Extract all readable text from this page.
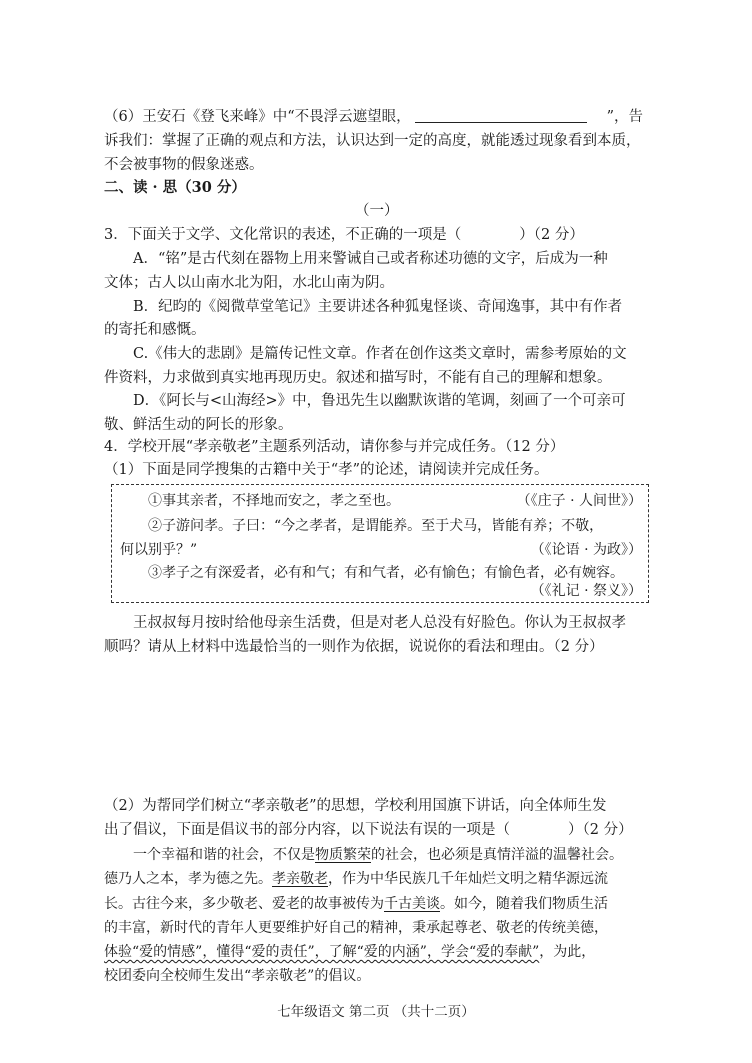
（6）王安石《登飞来峰》中“不畏浮云遮望眼，	”，告
诉我们：掌握了正确的观点和方法，认识达到一定的高度，就能透过现象看到本质，
不会被事物的假象迷惑。
二、读 · 思（30 分）
（一）
3．下面关于文学、文化常识的表述，不正确的一项是（	）（2 分）
A．“铭”是古代刻在器物上用来警诫自己或者称述功德的文字，后成为一种
文体；古人以山南水北为阳，水北山南为阴。
B．纪昀的《阅微草堂笔记》主要讲述各种狐鬼怪谈、奇闻逸事，其中有作者
的寄托和感慨。
C.《伟大的悲剧》是篇传记性文章。作者在创作这类文章时，需参考原始的文
件资料，力求做到真实地再现历史。叙述和描写时，不能有自己的理解和想象。
D．《阿长与<山海经>》中，鲁迅先生以幽默诙谐的笔调，刻画了一个可亲可
敬、鲜活生动的阿长的形象。
4．学校开展“孝亲敬老”主题系列活动，请你参与并完成任务。（12 分）
（1）下面是同学搜集的古籍中关于“孝”的论述，请阅读并完成任务。
①事其亲者，不择地而安之，孝之至也。	（《庄子 · 人间世》）
②子游问孝。子曰：“今之孝者，是谓能养。至于犬马，皆能有养；不敬，
何以别乎？”	（《论语 · 为政》）
③孝子之有深爱者，必有和气；有和气者，必有愉色；有愉色者，必有婉容。
（《礼记 · 祭义》）
王叔叔每月按时给他母亲生活费，但是对老人总没有好脸色。你认为王叔叔孝
顺吗？请从上材料中选最恰当的一则作为依据，说说你的看法和理由。（2 分）
（2）为帮同学们树立“孝亲敬老”的思想，学校利用国旗下讲话，向全体师生发
出了倡议，下面是倡议书的部分内容，以下说法有误的一项是（	）（2 分）
一个幸福和谐的社会，不仅是物质繁荣的社会，也必须是真情洋溢的温馨社会。
德乃人之本，孝为德之先。孝亲敬老，作为中华民族几千年灿烂文明之精华源远流
长。古往今来，多少敬老、爱老的故事被传为千古美谈。如今，随着我们物质生活
的丰富，新时代的青年人更要维护好自己的精神，秉承起尊老、敬老的传统美德，
体验“爱的情感”，懂得“爱的责任”，了解“爱的内涵”，学会“爱的奉献”，为此，
校团委向全校师生发出“孝亲敬老”的倡议。
七年级语文 第二页 （共十二页）
